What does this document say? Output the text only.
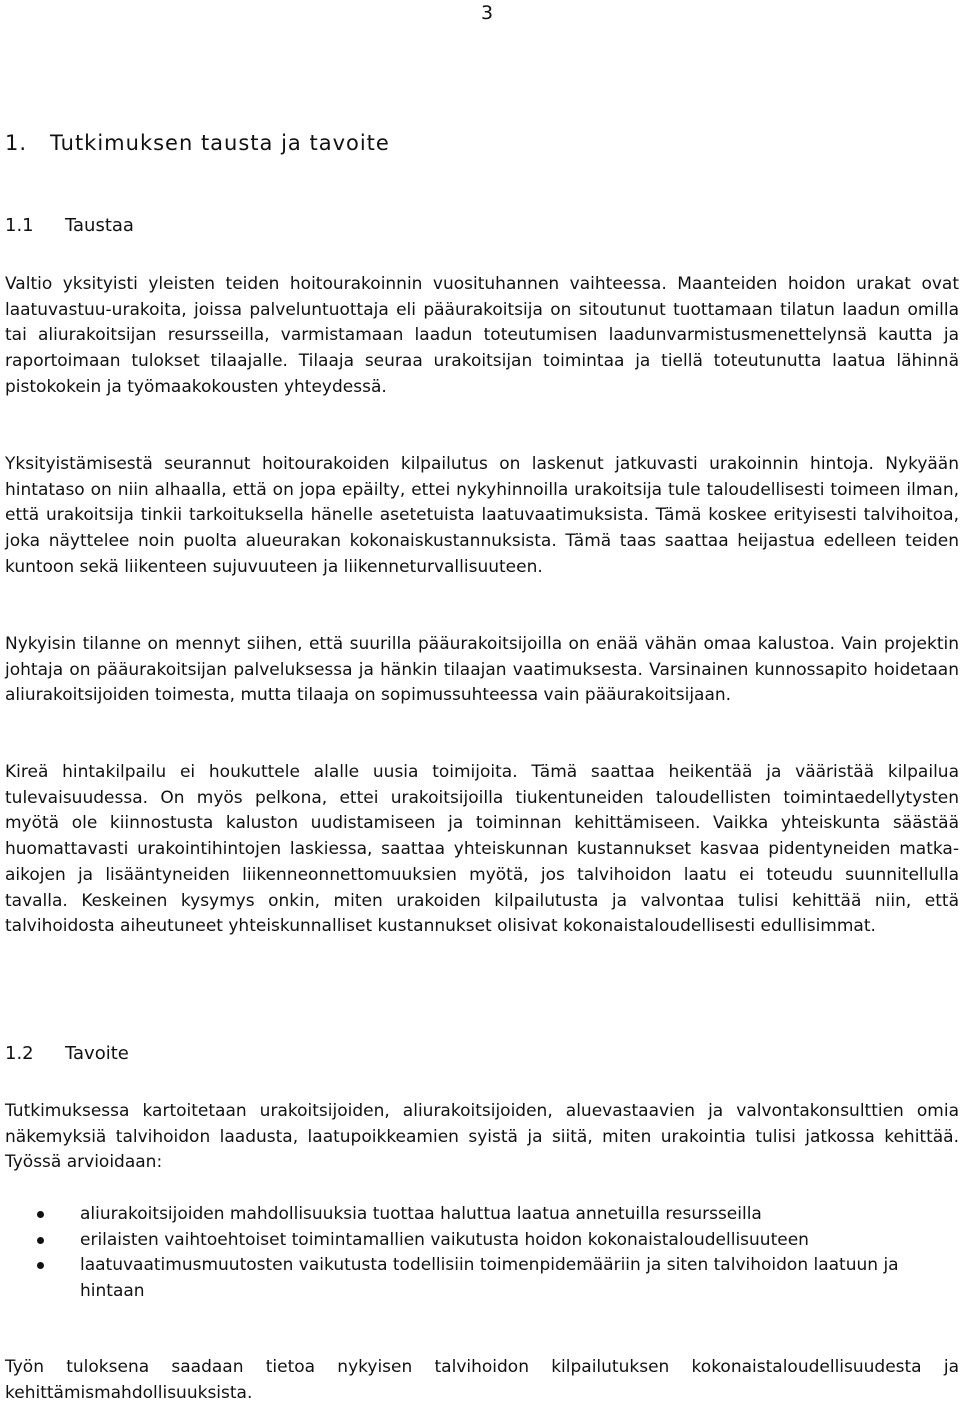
3
1. Tutkimuksen tausta ja tavoite
1.1 Taustaa

Valtio yksityisti yleisten teiden hoitourakoinnin vuosituhannen vaihteessa. Maanteiden hoidon urakat ovat laatuvastuu-urakoita, joissa palveluntuottaja eli pääurakoitsija on sitoutunut tuottamaan tilatun laadun omilla tai aliurakoitsijan resursseilla, varmistamaan laadun toteutumisen laadunvarmistusmenettelynsä kautta ja raportoimaan tulokset tilaajalle. Tilaaja seuraa urakoitsijan toimintaa ja tiellä toteutunutta laatua lähinnä pistokokein ja työmaakokousten yhteydessä.

Yksityistämisestä seurannut hoitourakoiden kilpailutus on laskenut jatkuvasti urakoinnin hintoja. Nykyään hintataso on niin alhaalla, että on jopa epäilty, ettei nykyhinnoilla urakoitsija tule taloudellisesti toimeen ilman, että urakoitsija tinkii tarkoituksella hänelle asetetuista laatuvaatimuksista. Tämä koskee erityisesti talvihoitoa, joka näyttelee noin puolta alueurakan kokonaiskustannuksista. Tämä taas saattaa heijastua edelleen teiden kuntoon sekä liikenteen sujuvuuteen ja liikenneturvallisuuteen.

Nykyisin tilanne on mennyt siihen, että suurilla pääurakoitsijoilla on enää vähän omaa kalustoa. Vain projektin johtaja on pääurakoitsijan palveluksessa ja hänkin tilaajan vaatimuksesta. Varsinainen kunnossapito hoidetaan aliurakoitsijoiden toimesta, mutta tilaaja on sopimussuhteessa vain pääurakoitsijaan.

Kireä hintakilpailu ei houkuttele alalle uusia toimijoita. Tämä saattaa heikentää ja vääristää kilpailua tulevaisuudessa. On myös pelkona, ettei urakoitsijoilla tiukentuneiden taloudellisten toimintaedellytysten myötä ole kiinnostusta kaluston uudistamiseen ja toiminnan kehittämiseen. Vaikka yhteiskunta säästää huomattavasti urakointihintojen laskiessa, saattaa yhteiskunnan kustannukset kasvaa pidentyneiden matka-aikojen ja lisääntyneiden liikenneonnettomuuksien myötä, jos talvihoidon laatu ei toteudu suunnitellulla tavalla. Keskeinen kysymys onkin, miten urakoiden kilpailutusta ja valvontaa tulisi kehittää niin, että talvihoidosta aiheutuneet yhteiskunnalliset kustannukset olisivat kokonaistaloudellisesti edullisimmat.

1.2 Tavoite

Tutkimuksessa kartoitetaan urakoitsijoiden, aliurakoitsijoiden, aluevastaavien ja valvontakonsulttien omia näkemyksiä talvihoidon laadusta, laatupoikkeamien syistä ja siitä, miten urakointia tulisi jatkossa kehittää. Työssä arvioidaan:

aliurakoitsijoiden mahdollisuuksia tuottaa haluttua laatua annetuilla resursseilla
erilaisten vaihtoehtoiset toimintamallien vaikutusta hoidon kokonaistaloudellisuuteen
laatuvaatimusmuutosten vaikutusta todellisiin toimenpidemääriin ja siten talvihoidon laatuun ja hintaan

Työn tuloksena saadaan tietoa nykyisen talvihoidon kilpailutuksen kokonaistaloudellisuudesta ja kehittämismahdollisuuksista.
